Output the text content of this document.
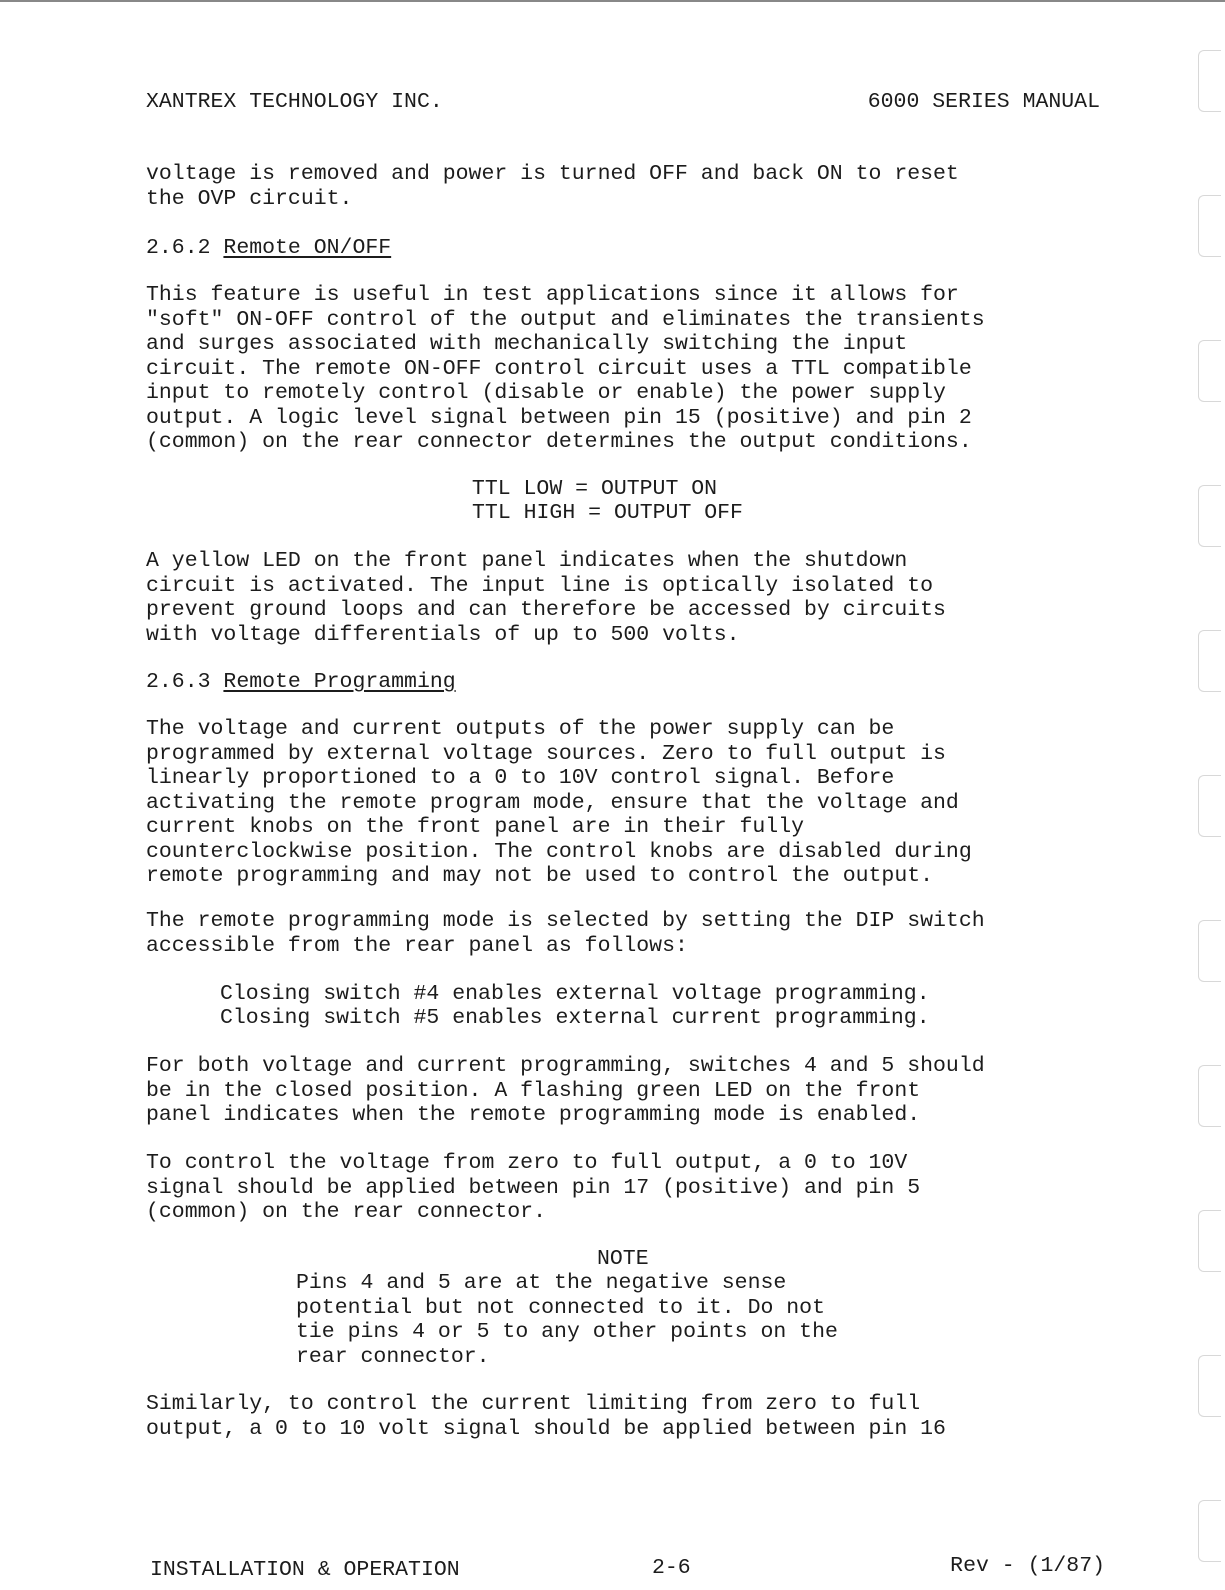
XANTREX TECHNOLOGY INC.	6000 SERIES MANUAL
voltage is removed and power is turned OFF and back ON to reset
the OVP circuit.
2.6.2 Remote ON/OFF
This feature is useful in test applications since it allows for
"soft" ON-OFF control of the output and eliminates the transients
and surges associated with mechanically switching the input
circuit. The remote ON-OFF control circuit uses a TTL compatible
input to remotely control (disable or enable) the power supply
output. A logic level signal between pin 15 (positive) and pin 2
(common) on the rear connector determines the output conditions.
TTL LOW = OUTPUT ON
TTL HIGH = OUTPUT OFF
A yellow LED on the front panel indicates when the shutdown
circuit is activated. The input line is optically isolated to
prevent ground loops and can therefore be accessed by circuits
with voltage differentials of up to 500 volts.
2.6.3 Remote Programming
The voltage and current outputs of the power supply can be
programmed by external voltage sources. Zero to full output is
linearly proportioned to a 0 to 10V control signal. Before
activating the remote program mode, ensure that the voltage and
current knobs on the front panel are in their fully
counterclockwise position. The control knobs are disabled during
remote programming and may not be used to control the output.
The remote programming mode is selected by setting the DIP switch
accessible from the rear panel as follows:
Closing switch #4 enables external voltage programming.
Closing switch #5 enables external current programming.
For both voltage and current programming, switches 4 and 5 should
be in the closed position. A flashing green LED on the front
panel indicates when the remote programming mode is enabled.
To control the voltage from zero to full output, a 0 to 10V
signal should be applied between pin 17 (positive) and pin 5
(common) on the rear connector.
NOTE
Pins 4 and 5 are at the negative sense
potential but not connected to it. Do not
tie pins 4 or 5 to any other points on the
rear connector.
Similarly, to control the current limiting from zero to full
output, a 0 to 10 volt signal should be applied between pin 16
INSTALLATION & OPERATION	2-6	Rev - (1/87)
